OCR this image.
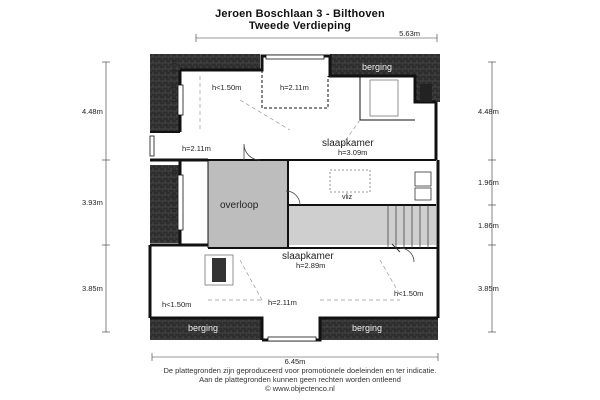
Jeroen Boschlaan 3 - Bilthoven
Tweede Verdieping
berging
berging
berging
berging	berging
slaapkamer
h=3.09m
slaapkamer
h=2.89m
overloop
vliz
h<1.50m	h=2.11m
h=2.11m
h<1.50m	h=2.11m
h<1.50m
5.63m
6.45m
4.48m
3.93m
3.85m
4.48m
1.96m
1.86m
3.85m
De plattegronden zijn geproduceerd voor promotionele doeleinden en ter indicatie.
Aan de plattegronden kunnen geen rechten worden ontleend
© www.objectenco.nl
